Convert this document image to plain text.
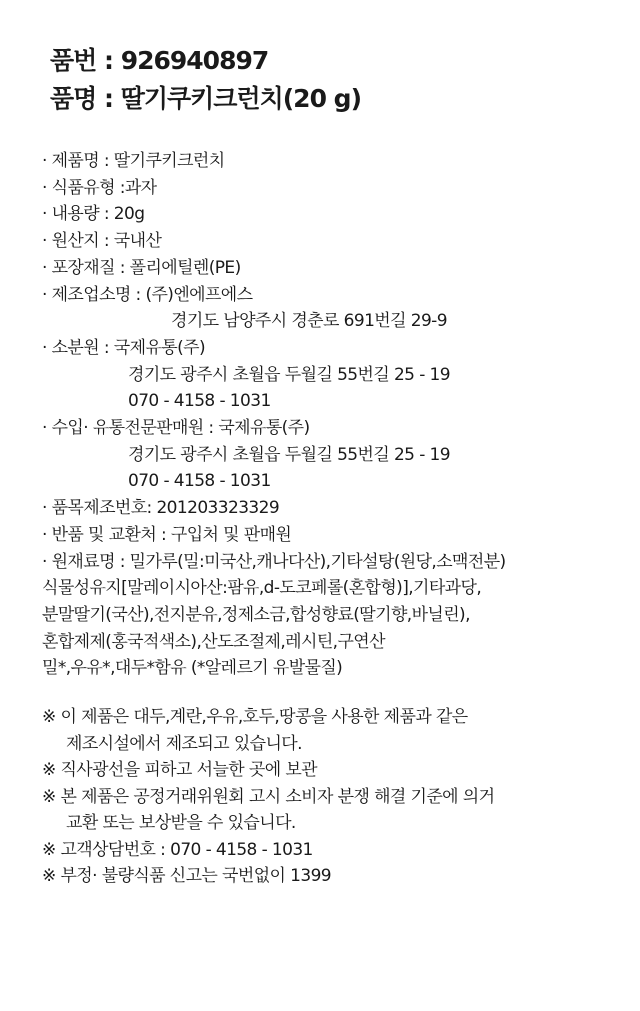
품번 : 926940897
품명 : 딸기쿠키크런치(20 g)
· 제품명 : 딸기쿠키크런치
· 식품유형 :과자
· 내용량 : 20g
· 원산지 : 국내산
· 포장재질 : 폴리에틸렌(PE)
· 제조업소명 : (주)엔에프에스
경기도 남양주시 경춘로 691번길 29-9
· 소분원 : 국제유통(주)
경기도 광주시 초월읍 두월길 55번길 25 - 19
070 - 4158 - 1031
· 수입· 유통전문판매원 : 국제유통(주)
경기도 광주시 초월읍 두월길 55번길 25 - 19
070 - 4158 - 1031
· 품목제조번호: 201203323329
· 반품 및 교환처 : 구입처 및 판매원
· 원재료명 : 밀가루(밀:미국산,캐나다산),기타설탕(원당,소맥전분)
식물성유지[말레이시아산:팜유,d-도코페롤(혼합형)],기타과당,
분말딸기(국산),전지분유,정제소금,합성향료(딸기향,바닐린),
혼합제제(홍국적색소),산도조절제,레시틴,구연산
밀*,우유*,대두*함유 (*알레르기 유발물질)
※ 이 제품은 대두,계란,우유,호두,땅콩을 사용한 제품과 같은
제조시설에서 제조되고 있습니다.
※ 직사광선을 피하고 서늘한 곳에 보관
※ 본 제품은 공정거래위원회 고시 소비자 분쟁 해결 기준에 의거
교환 또는 보상받을 수 있습니다.
※ 고객상담번호 : 070 - 4158 - 1031
※ 부정· 불량식품 신고는 국번없이 1399
